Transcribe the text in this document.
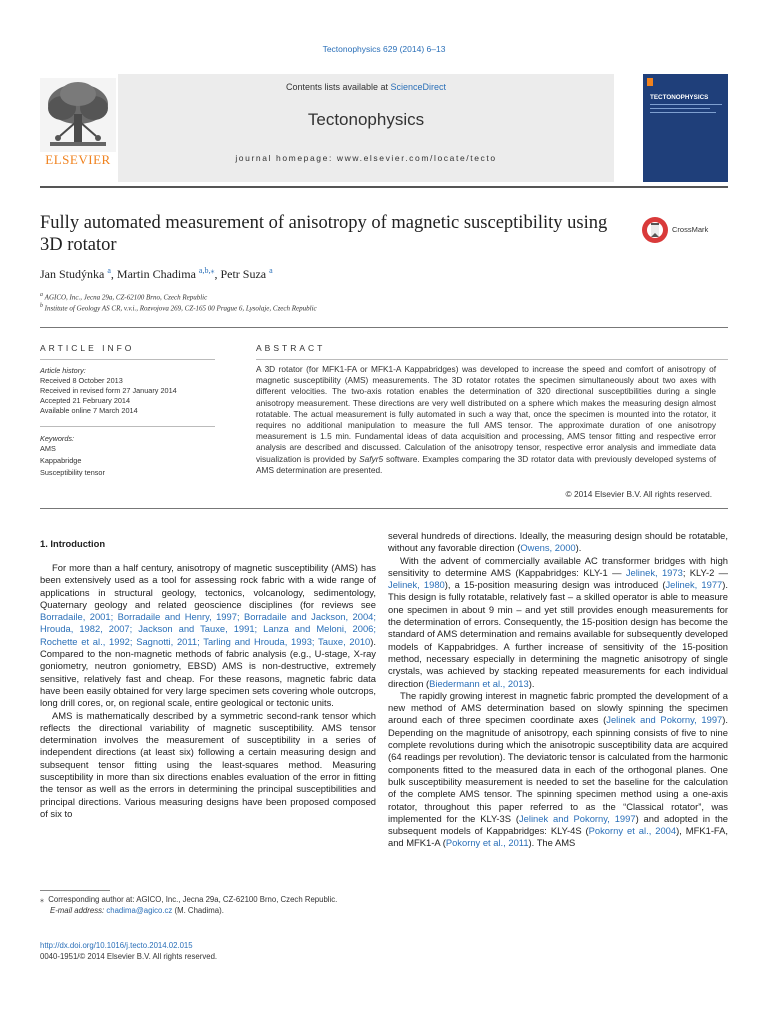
Tectonophysics 629 (2014) 6–13
Contents lists available at ScienceDirect
Tectonophysics
journal homepage: www.elsevier.com/locate/tecto
ELSEVIER
TECTONOPHYSICS
Fully automated measurement of anisotropy of magnetic susceptibility using 3D rotator
CrossMark
Jan Studýnka $^a$, Martin Chadima $^{a,b,⁎}$, Petr Suza $^a$
$^a$ AGICO, Inc., Jecna 29a, CZ-62100 Brno, Czech Republic
$^b$ Institute of Geology AS CR, v.v.i., Rozvojova 269, CZ-165 00 Prague 6, Lysolaje, Czech Republic
ARTICLE INFO
Article history:
Received 8 October 2013
Received in revised form 27 January 2014
Accepted 21 February 2014
Available online 7 March 2014
Keywords:
AMS
Kappabridge
Susceptibility tensor
ABSTRACT
A 3D rotator (for MFK1-FA or MFK1-A Kappabridges) was developed to increase the speed and comfort of anisotropy of magnetic susceptibility (AMS) measurements. The 3D rotator rotates the specimen simultaneously about two axes with different velocities. The two-axis rotation enables the determination of 320 directional susceptibilities during a single anisotropy measurement. These directions are very well distributed on a sphere which makes the measuring design almost rotatable. The actual measurement is fully automated in such a way that, once the specimen is mounted into the rotator, it requires no additional manipulation to measure the full AMS tensor. The approximate duration of one anisotropy measurement is 1.5 min. Fundamental ideas of data acquisition and processing, AMS tensor fitting and respective error analysis are described and discussed. Calculation of the anisotropy tensor, respective error analysis and immediate data visualization is provided by Safyr5 software. Examples comparing the 3D rotator data with previously developed systems of AMS determination are presented.
© 2014 Elsevier B.V. All rights reserved.
1. Introduction

For more than a half century, anisotropy of magnetic susceptibility (AMS) has been extensively used as a tool for assessing rock fabric with a wide range of applications in structural geology, tectonics, volcanology, sedimentology, Quaternary geology and related geoscience disciplines (for reviews see Borradaile, 2001; Borradaile and Henry, 1997; Borradaile and Jackson, 2004; Hrouda, 1982, 2007; Jackson and Tauxe, 1991; Lanza and Meloni, 2006; Rochette et al., 1992; Sagnotti, 2011; Tarling and Hrouda, 1993; Tauxe, 2010). Compared to the non-magnetic methods of fabric analysis (e.g., U-stage, X-ray goniometry, neutron goniometry, EBSD) AMS is non-destructive, extremely sensitive, relatively fast and cheap. For these reasons, magnetic fabric data have been easily obtained for very large specimen sets covering whole outcrops, long drill cores, or, on regional scale, entire geological or tectonic units.

AMS is mathematically described by a symmetric second-rank tensor which reflects the directional variability of magnetic susceptibility. AMS tensor determination involves the measurement of susceptibility in a series of independent directions (at least six) following a certain measuring design and subsequent tensor fitting using the least-squares method. Measuring susceptibility in more than six directions enables evaluation of the error in fitting the tensor as well as the errors in determining the principal susceptibilities and principal directions. Various measuring designs have been proposed composed of six to

several hundreds of directions. Ideally, the measuring design should be rotatable, without any favorable direction (Owens, 2000).

With the advent of commercially available AC transformer bridges with high sensitivity to determine AMS (Kappabridges: KLY-1 — Jelinek, 1973; KLY-2 — Jelinek, 1980), a 15-position measuring design was introduced (Jelinek, 1977). This design is fully rotatable, relatively fast – a skilled operator is able to measure one specimen in about 9 min – and yet still provides enough measurements for the determination of errors. Consequently, the 15-position design has become the standard of AMS determination and remains available for subsequently developed models of Kappabridges. A further increase of sensitivity of the 15-position method, necessary especially in determining the magnetic anisotropy of single crystals, was achieved by stacking repeated measurements for each individual direction (Biedermann et al., 2013).

The rapidly growing interest in magnetic fabric prompted the development of a new method of AMS determination based on slowly spinning the specimen around each of three specimen coordinate axes (Jelinek and Pokorny, 1997). Depending on the magnitude of anisotropy, each spinning consists of five to nine complete revolutions during which the anisotropic susceptibility data are acquired (64 readings per revolution). The deviatoric tensor is calculated from the harmonic components fitted to the measured data in each of the orthogonal planes. One bulk susceptibility measurement is needed to set the baseline for the calculation of the complete AMS tensor. The spinning specimen method using a one-axis rotator, throughout this paper referred to as the “Classical rotator”, was implemented for the KLY-3S (Jelinek and Pokorny, 1997) and adopted in the subsequent models of Kappabridges: KLY-4S (Pokorny et al., 2004), MFK1-FA, and MFK1-A (Pokorny et al., 2011). The AMS

⁎ Corresponding author at: AGICO, Inc., Jecna 29a, CZ-62100 Brno, Czech Republic.
E-mail address: chadima@agico.cz (M. Chadima).
http://dx.doi.org/10.1016/j.tecto.2014.02.015
0040-1951/© 2014 Elsevier B.V. All rights reserved.
